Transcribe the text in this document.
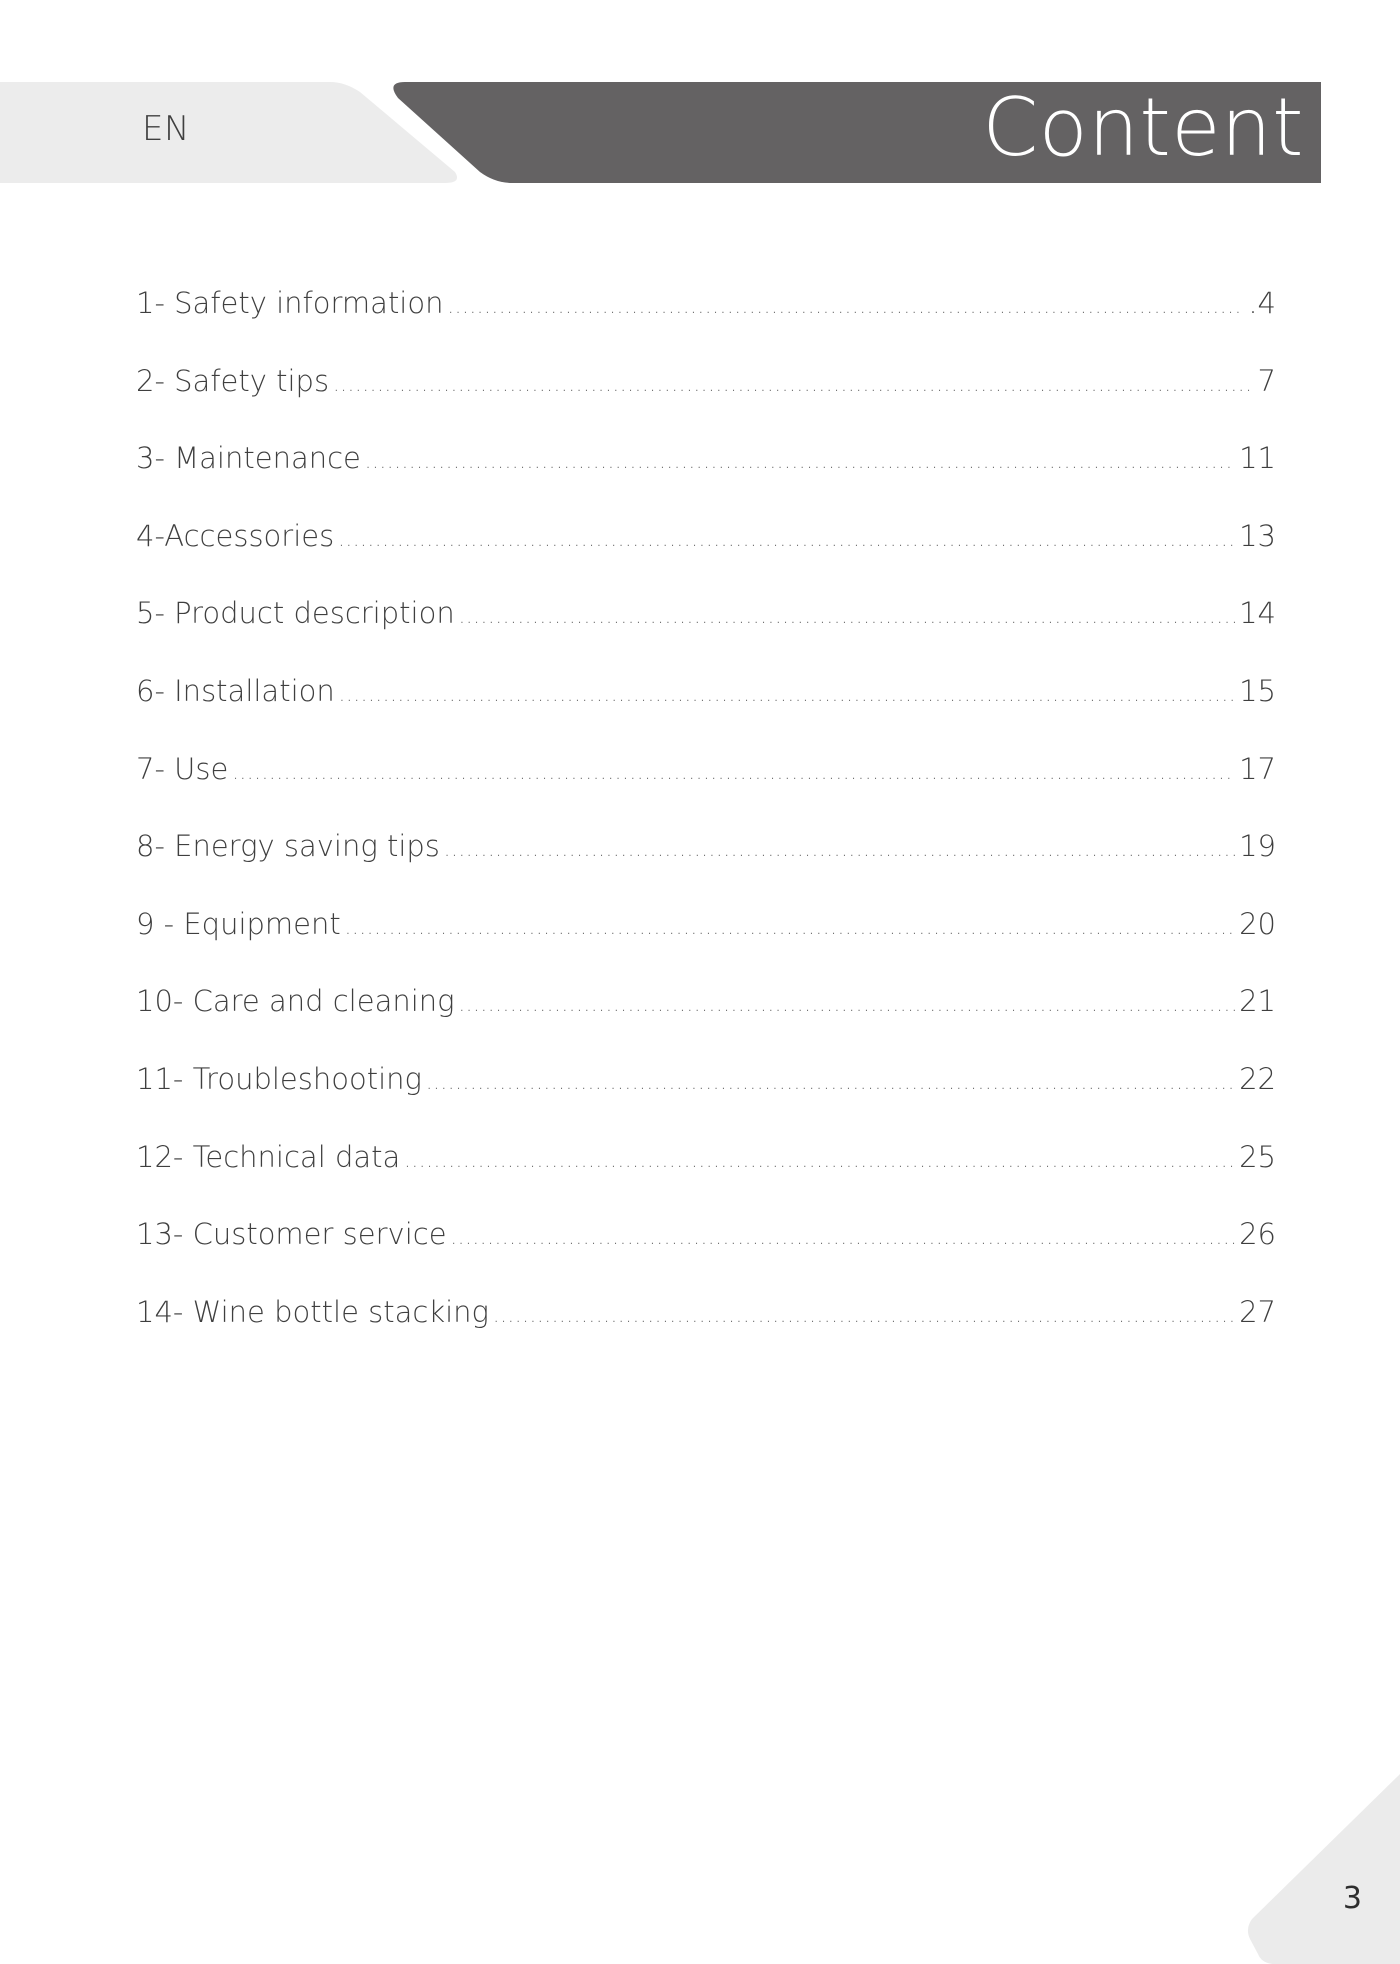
EN	Content
1- Safety information .....	.4
2- Safety tips .....	7
3- Maintenance .....	11
4-Accessories .....	13
5- Product description .....	14
6- Installation .....	15
7- Use .....	17
8- Energy saving tips .....	19
9 - Equipment .....	20
10- Care and cleaning .....	21
11- Troubleshooting .....	22
12- Technical data .....	25
13- Customer service .....	26
14- Wine bottle stacking .....	27
3
